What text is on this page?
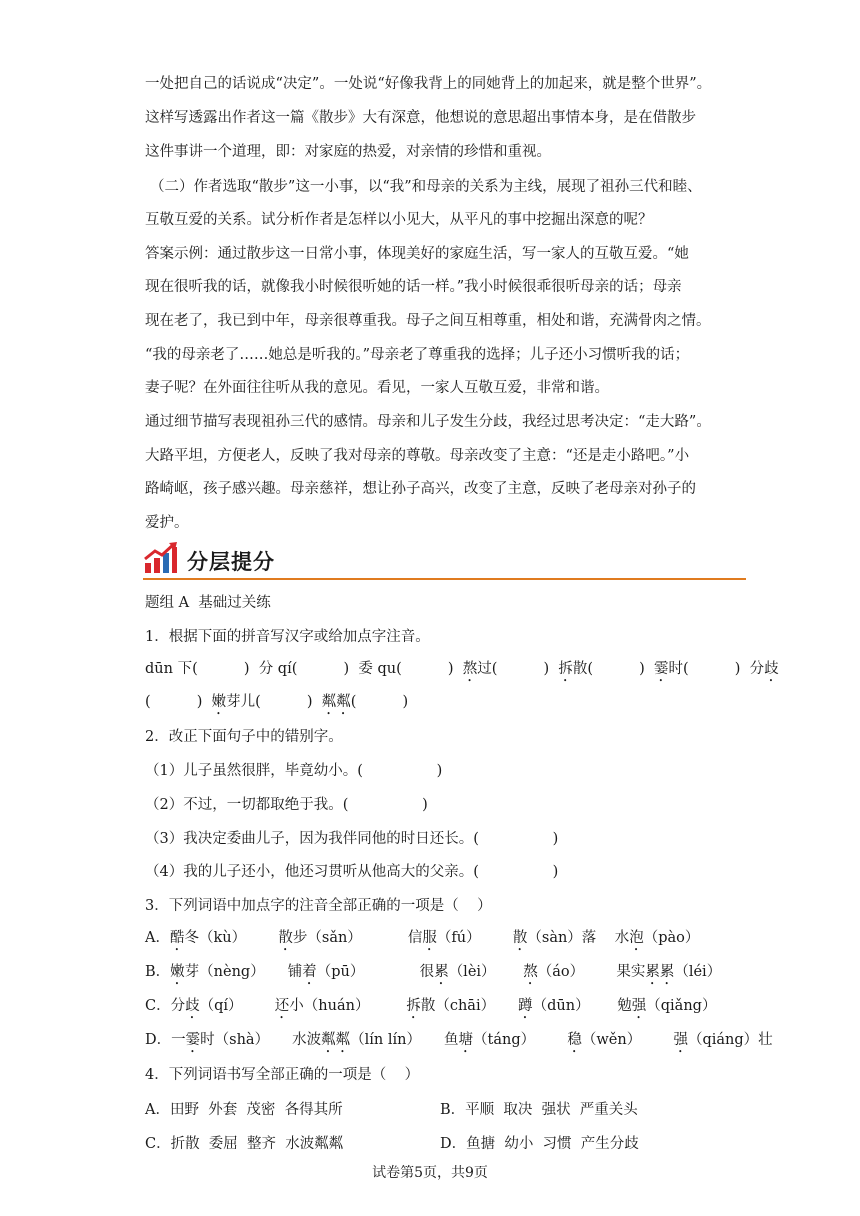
一处把自己的话说成“决定”。一处说“好像我背上的同她背上的加起来，就是整个世界”。
这样写透露出作者这一篇《散步》大有深意，他想说的意思超出事情本身，是在借散步
这件事讲一个道理，即：对家庭的热爱，对亲情的珍惜和重视。
（二）作者选取“散步”这一小事，以“我”和母亲的关系为主线，展现了祖孙三代和睦、
互敬互爱的关系。试分析作者是怎样以小见大，从平凡的事中挖掘出深意的呢？
答案示例：通过散步这一日常小事，体现美好的家庭生活，写一家人的互敬互爱。“她
现在很听我的话，就像我小时候很听她的话一样。”我小时候很乖很听母亲的话；母亲
现在老了，我已到中年，母亲很尊重我。母子之间互相尊重，相处和谐，充满骨肉之情。
“我的母亲老了……她总是听我的。”母亲老了尊重我的选择；儿子还小习惯听我的话；
妻子呢？在外面往往听从我的意见。看见，一家人互敬互爱，非常和谐。
通过细节描写表现祖孙三代的感情。母亲和儿子发生分歧，我经过思考决定：“走大路”。
大路平坦，方便老人，反映了我对母亲的尊敬。母亲改变了主意：“还是走小路吧。”小
路崎岖，孩子感兴趣。母亲慈祥，想让孙子高兴，改变了主意，反映了老母亲对孙子的
爱护。
分层提分
题组 A  基础过关练
1．根据下面的拼音写汉字或给加点字注音。
dūn 下(          )  分 qí(          )  委 qu(          )  熬过(          )  拆散(          )  霎时(          )  分歧
(          )  嫩芽儿(          )  粼粼(          )
2．改正下面句子中的错别字。
（1）儿子虽然很胖，毕竟幼小。(                )
（2）不过，一切都取绝于我。(                )
（3）我决定委曲儿子，因为我伴同他的时日还长。(                )
（4）我的儿子还小，他还习贯听从他高大的父亲。(                )
3．下列词语中加点字的注音全部正确的一项是（    ）
A．酷冬（kù）       散步（sǎn）          信服（fú）       散（sàn）落    水泡（pào）
B．嫩芽（nèng）     铺着（pū）            很累（lèi）      熬（áo）       果实累累（léi）
C．分歧（qí）       还小（huán）        拆散（chāi）     蹲（dūn）      勉强（qiǎng）
D．一霎时（shà）     水波粼粼（lín lín）     鱼塘（táng）       稳（wěn）       强（qiáng）壮
4．下列词语书写全部正确的一项是（    ）
A．田野  外套  茂密  各得其所	B．平顺  取决  强状  严重关头
C．折散  委屈  整齐  水波粼粼	D．鱼搪  幼小  习惯  产生分歧
试卷第5页，共9页
